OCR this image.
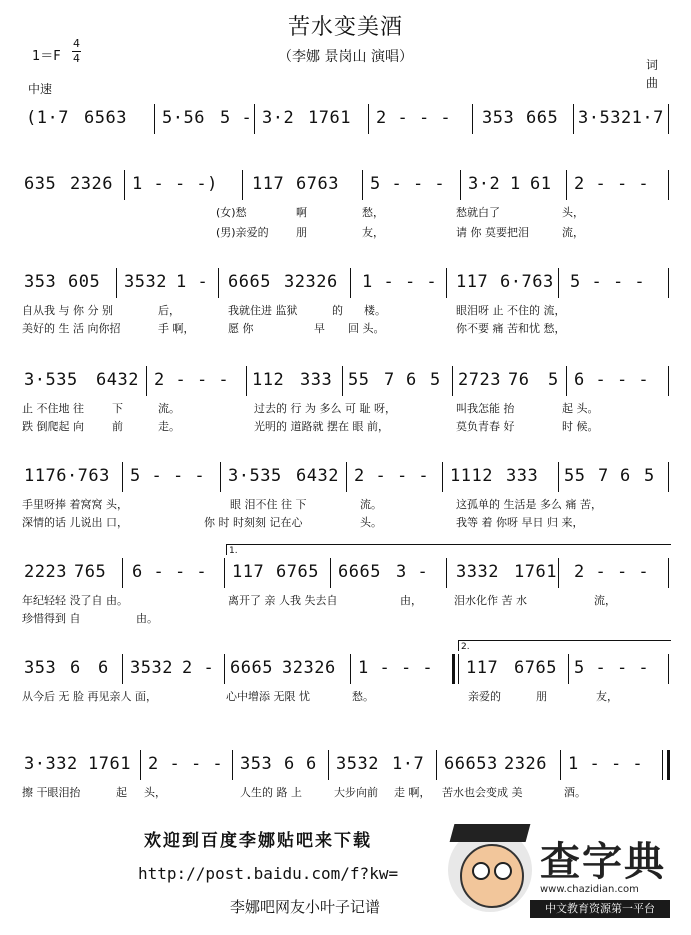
苦水变美酒
（李娜 景岗山 演唱）
1＝F
4
4
中速
词
曲
(1·7 6563 5·56 5 - 3·2 1761 2 - - - 353 665 3·5321·7
635 2326 1 - - -) 117 6763 5 - - - 3·2 1 61 2 - - -
(女)愁	啊	愁，	愁就白了	头，
(男)亲爱的 朋	友，	请 你 莫要把泪	流，
353 605 3532 1 - 6665 32326 1 - - - 117 6·763 5 - - -
自从我 与 你 分 别	后，	我就住进 监狱	的 楼。	眼泪呀 止 不住的 流，
美好的 生 活 向你招	手 啊，	愿 你	早 回 头。	你不要 痛 苦和忧 愁，
3·535 6432 2 - - - 112 333 55 7 6 5 2723 76 5 6 - - -
止 不住地 往	下	流。	过去的 行 为 多么 可 耻 呀，	叫我怎能 抬	起 头。
跌 倒爬起 向	前	走。	光明的 道路就 摆在 眼 前，	莫负青春 好	时 候。
1176·763 5 - - - 3·535 6432 2 - - - 1112 333 55 7 6 5
手里呀捧 着窝窝 头，	眼 泪不住 往 下	流。	这孤单的 生活是 多么 痛 苦，
深情的话 儿说出 口，	你 时 时刻刻 记在心	头。	我等 着 你呀 早日 归 来，
1.
2223 765 6 - - - 117 6765 6665 3 - 3332 1761 2 - - -
年纪轻轻 没了自 由。	离开了 亲 人我 失去自	由，	泪水化作 苦 水	流，
珍惜得到 自	由。
2.
353 6 6 3532 2 - 6665 32326 1 - - - 117 6765 5 - - -
从今后 无 脸 再见亲人 面，	心中增添 无限 忧	愁。	亲爱的	朋	友，
3·332 1761 2 - - - 353 6 6 3532 1·7 66653 2326 1 - - -
擦 干眼泪抬	起 头，	人生的 路 上	大步向前 走 啊， 苦水也会变成 美	酒。
欢迎到百度李娜贴吧来下载
http://post.baidu.com/f?kw=
李娜吧网友小叶子记谱
查字典
www.chazidian.com
中文教育资源第一平台
